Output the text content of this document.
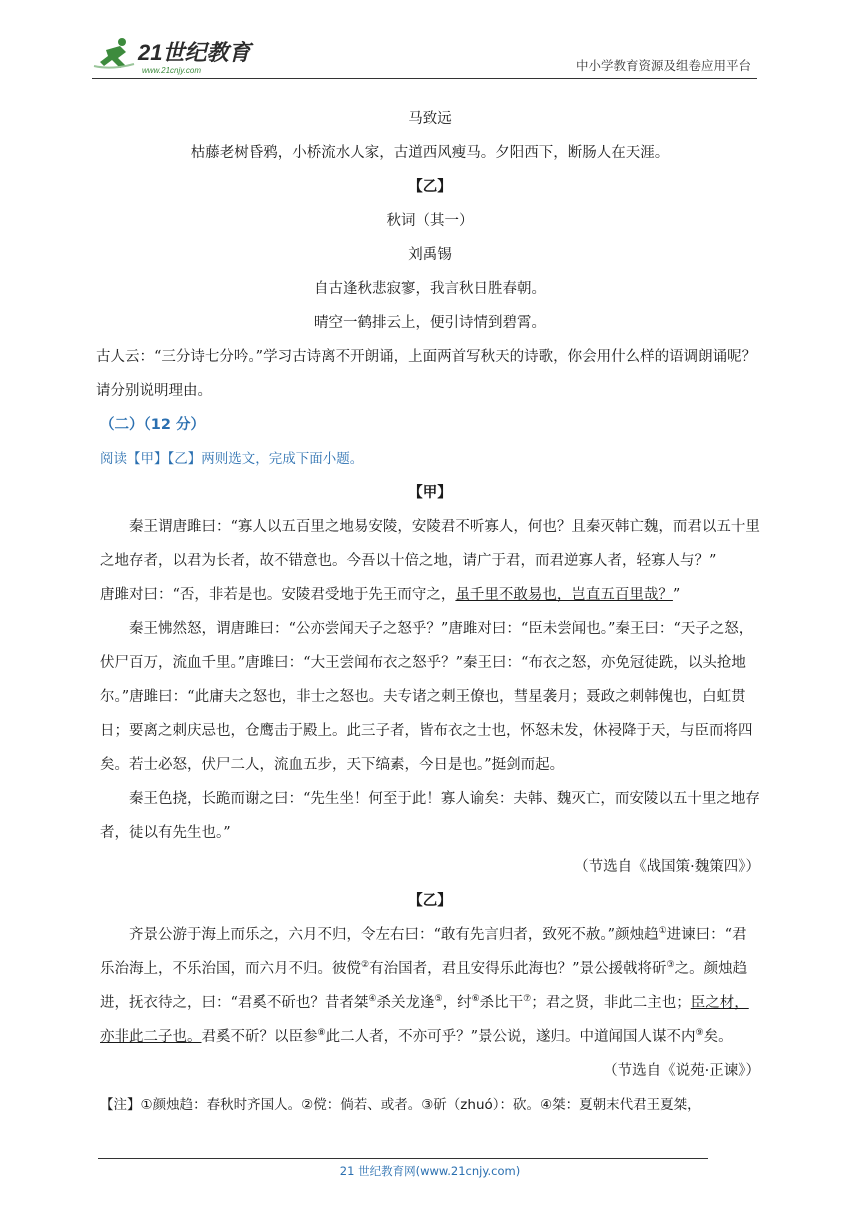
21世纪教育
www.21cnjy.com	中小学教育资源及组卷应用平台

马致远

枯藤老树昏鸦，小桥流水人家，古道西风瘦马。夕阳西下，断肠人在天涯。

【乙】

秋词（其一）

刘禹锡

自古逢秋悲寂寥，我言秋日胜春朝。

晴空一鹤排云上，便引诗情到碧霄。

古人云：“三分诗七分吟。”学习古诗离不开朗诵，上面两首写秋天的诗歌，你会用什么样的语调朗诵呢？请分别说明理由。

（二）（12 分）

阅读【甲】【乙】两则选文，完成下面小题。

【甲】

秦王谓唐雎曰：“寡人以五百里之地易安陵，安陵君不听寡人，何也？且秦灭韩亡魏，而君以五十里之地存者，以君为长者，故不错意也。今吾以十倍之地，请广于君，而君逆寡人者，轻寡人与？”

唐雎对曰：“否，非若是也。安陵君受地于先王而守之，虽千里不敢易也，岂直五百里哉？”

秦王怫然怒，谓唐雎曰：“公亦尝闻天子之怒乎？”唐雎对曰：“臣未尝闻也。”秦王曰：“天子之怒，伏尸百万，流血千里。”唐雎曰：“大王尝闻布衣之怒乎？”秦王曰：“布衣之怒，亦免冠徒跣，以头抢地尔。”唐雎曰：“此庸夫之怒也，非士之怒也。夫专诸之刺王僚也，彗星袭月；聂政之刺韩傀也，白虹贯日；要离之刺庆忌也，仓鹰击于殿上。此三子者，皆布衣之士也，怀怒未发，休祲降于天，与臣而将四矣。若士必怒，伏尸二人，流血五步，天下缟素，今日是也。”挺剑而起。

秦王色挠，长跪而谢之曰：“先生坐！何至于此！寡人谕矣：夫韩、魏灭亡，而安陵以五十里之地存者，徒以有先生也。”

（节选自《战国策·魏策四》）

【乙】

齐景公游于海上而乐之，六月不归，令左右曰：“敢有先言归者，致死不赦。”颜烛趋①进谏曰：“君乐治海上，不乐治国，而六月不归。彼傥②有治国者，君且安得乐此海也？”景公援戟将斫③之。颜烛趋进，抚衣待之，曰：“君奚不斫也？昔者桀④杀关龙逢⑤，纣⑥杀比干⑦；君之贤，非此二主也；臣之材，亦非此二子也。君奚不斫？以臣参⑧此二人者，不亦可乎？”景公说，遂归。中道闻国人谋不内⑨矣。

（节选自《说苑·正谏》）

【注】①颜烛趋：春秋时齐国人。②傥：倘若、或者。③斫（zhuó）：砍。④桀：夏朝末代君王夏桀，

21 世纪教育网(www.21cnjy.com)
